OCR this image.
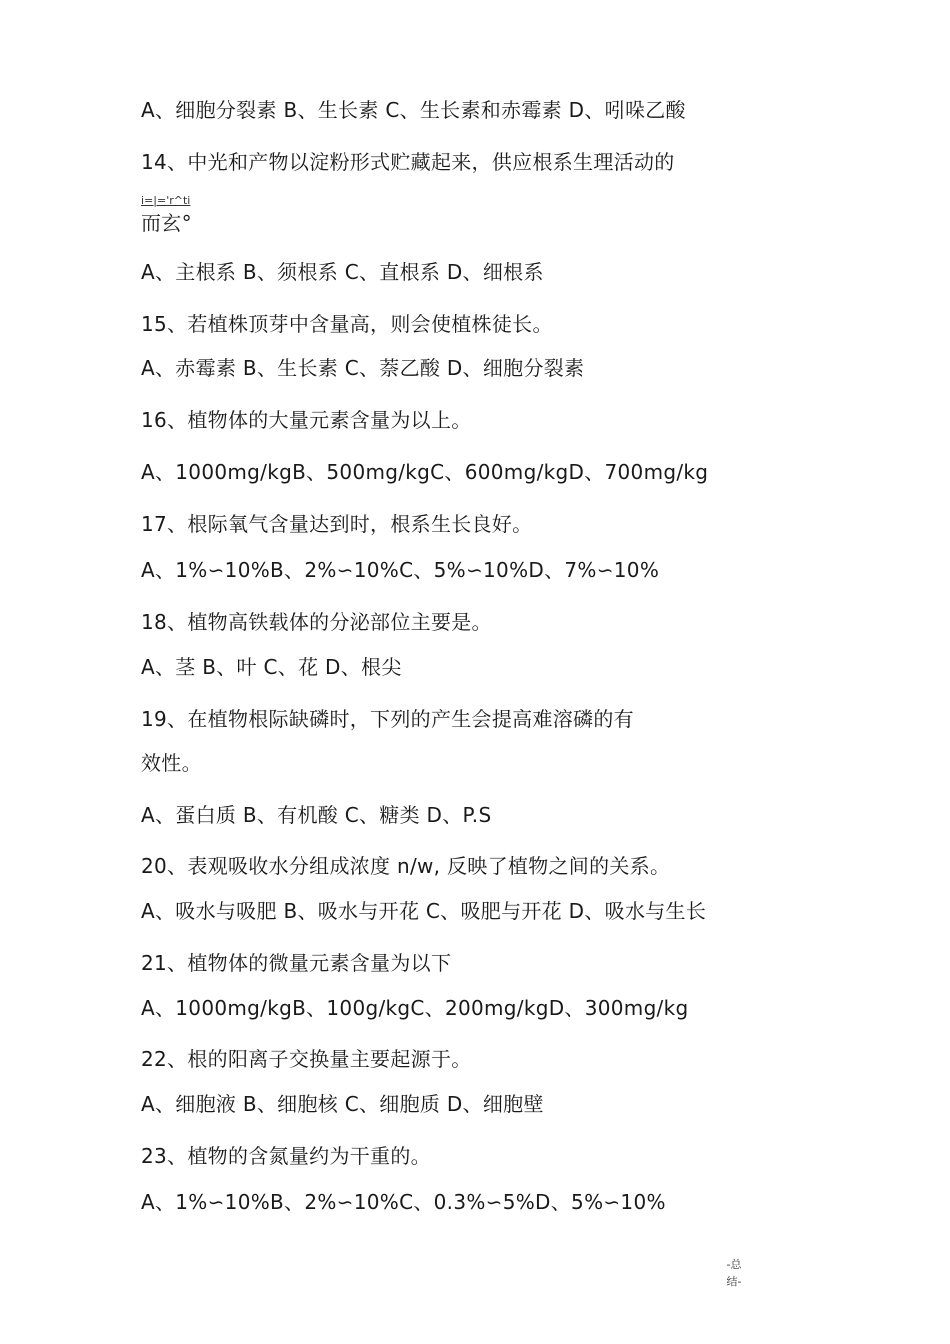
A、细胞分裂素 B、生长素 C、生长素和赤霉素 D、吲哚乙酸
14、中光和产物以淀粉形式贮藏起来，供应根系生理活动的
i=|='r^ti
而玄°
A、主根系 B、须根系 C、直根系 D、细根系
15、若植株顶芽中含量高，则会使植株徒长。
A、赤霉素 B、生长素 C、萘乙酸 D、细胞分裂素
16、植物体的大量元素含量为以上。
A、1000mg/kgB、500mg/kgC、600mg/kgD、700mg/kg
17、根际氧气含量达到时，根系生长良好。
A、1%∽10%B、2%∽10%C、5%∽10%D、7%∽10%
18、植物高铁载体的分泌部位主要是。
A、茎 B、叶 C、花 D、根尖
19、在植物根际缺磷时，下列的产生会提高难溶磷的有
效性。
A、蛋白质 B、有机酸 C、糖类 D、P.S
20、表观吸收水分组成浓度 n/w, 反映了植物之间的关系。
A、吸水与吸肥 B、吸水与开花 C、吸肥与开花 D、吸水与生长
21、植物体的微量元素含量为以下
A、1000mg/kgB、100g/kgC、200mg/kgD、300mg/kg
22、根的阳离子交换量主要起源于。
A、细胞液 B、细胞核 C、细胞质 D、细胞壁
23、植物的含氮量约为干重的。
A、1%∽10%B、2%∽10%C、0.3%∽5%D、5%∽10%
-总
结-
